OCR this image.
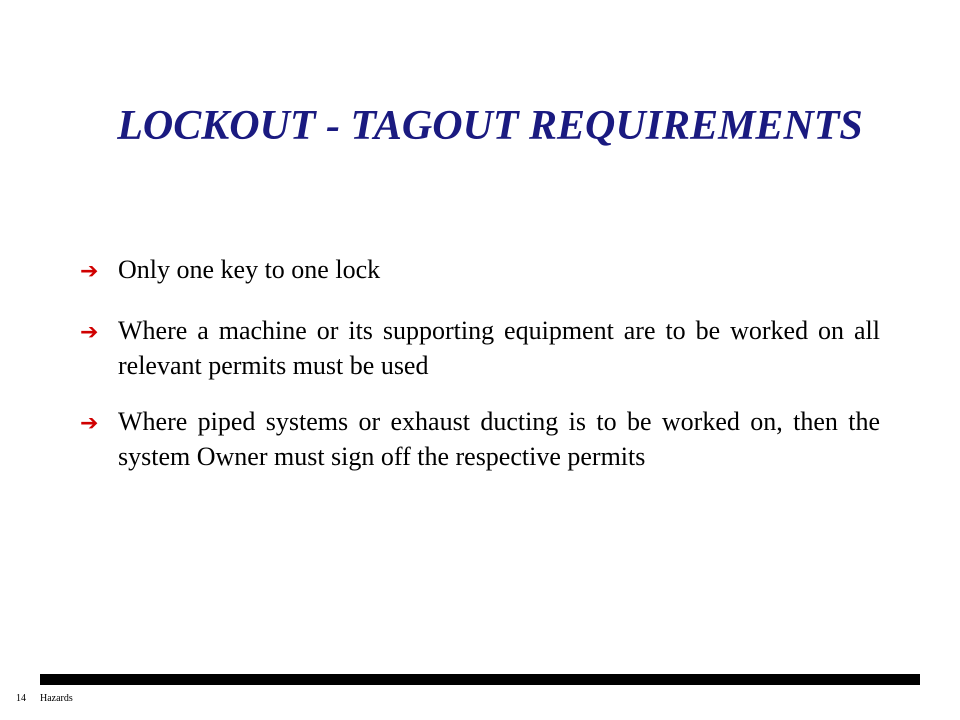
LOCKOUT - TAGOUT REQUIREMENTS
➔ Only one key to one lock
➔ Where a machine or its supporting equipment are to be worked on all relevant permits must be used
➔ Where piped systems or exhaust ducting is to be worked on, then the system Owner must sign off the respective permits
14 Hazards
